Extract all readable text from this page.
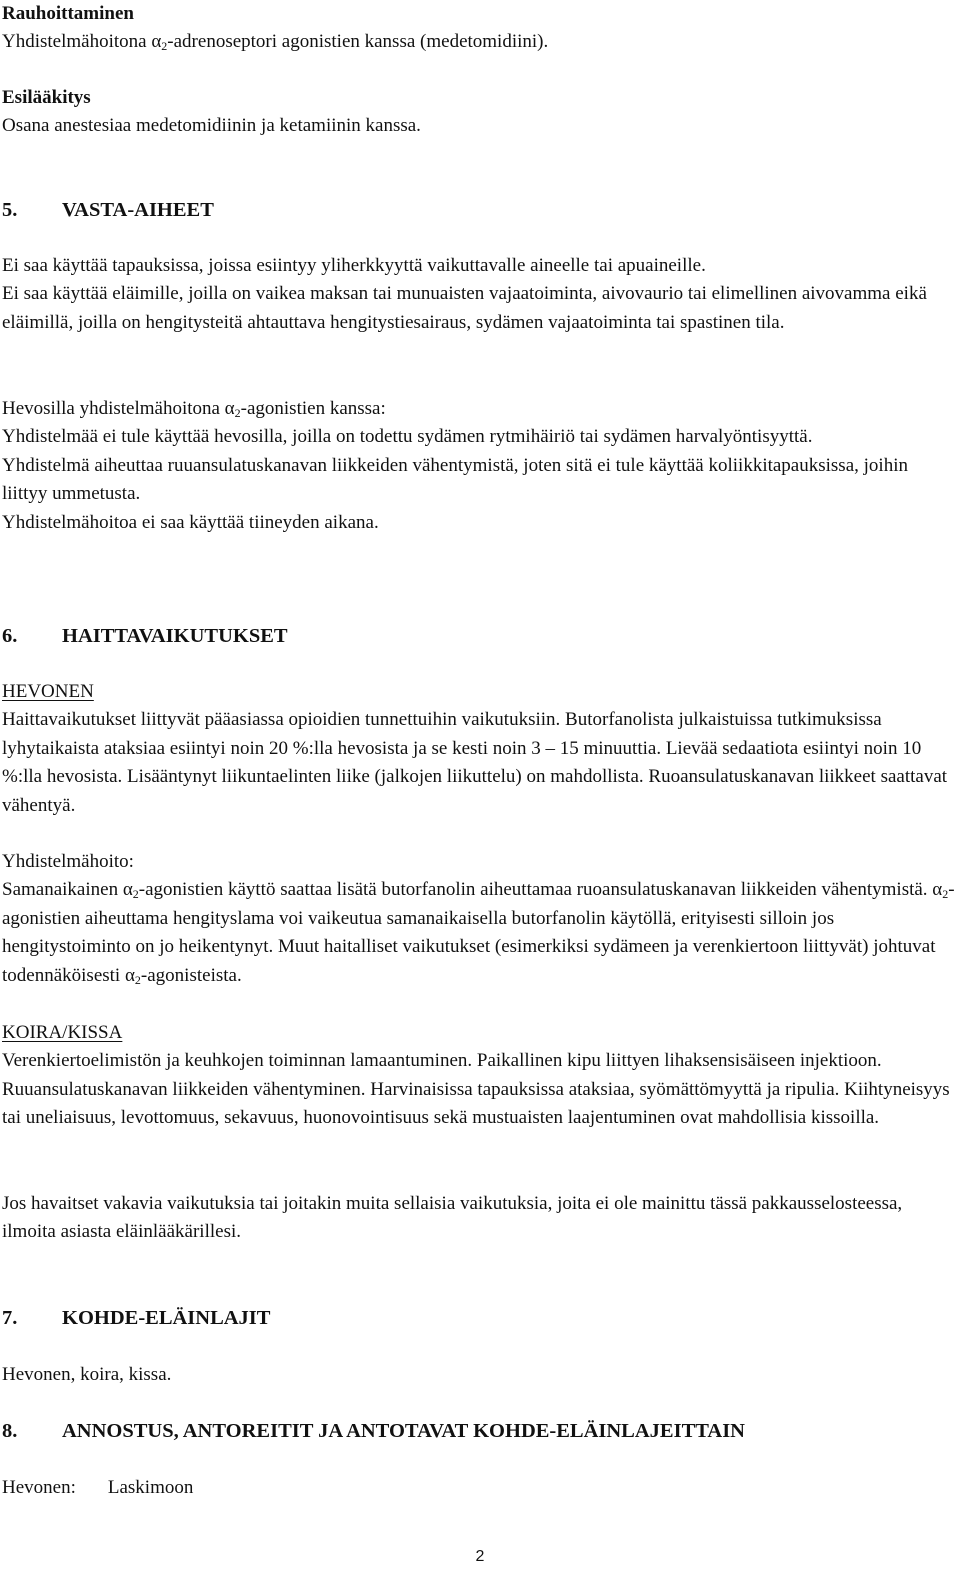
Rauhoittaminen
Yhdistelmähoitona $\alpha_2$-adrenoseptori agonistien kanssa (medetomidiini).
Esilääkitys
Osana anestesiaa medetomidiinin ja ketamiinin kanssa.
5. VASTA-AIHEET
Ei saa käyttää tapauksissa, joissa esiintyy yliherkkyyttä vaikuttavalle aineelle tai apuaineille.
Ei saa käyttää eläimille, joilla on vaikea maksan tai munuaisten vajaatoiminta, aivovaurio tai elimellinen aivovamma eikä eläimillä, joilla on hengitysteitä ahtauttava hengitystiesairaus, sydämen vajaatoiminta tai spastinen tila.
Hevosilla yhdistelmähoitona $\alpha_2$-agonistien kanssa:
Yhdistelmää ei tule käyttää hevosilla, joilla on todettu sydämen rytmihäiriö tai sydämen harvalyöntisyyttä.
Yhdistelmä aiheuttaa ruuansulatuskanavan liikkeiden vähentymistä, joten sitä ei tule käyttää koliikkitapauksissa, joihin liittyy ummetusta.
Yhdistelmähoitoa ei saa käyttää tiineyden aikana.
6. HAITTAVAIKUTUKSET
HEVONEN
Haittavaikutukset liittyvät pääasiassa opioidien tunnettuihin vaikutuksiin. Butorfanolista julkaistuissa tutkimuksissa lyhytaikaista ataksiaa esiintyi noin 20 %:lla hevosista ja se kesti noin 3 – 15 minuuttia. Lievää sedaatiota esiintyi noin 10 %:lla hevosista. Lisääntynyt liikuntaelinten liike (jalkojen liikuttelu) on mahdollista. Ruoansulatuskanavan liikkeet saattavat vähentyä.
Yhdistelmähoito:
Samanaikainen $\alpha_2$-agonistien käyttö saattaa lisätä butorfanolin aiheuttamaa ruoansulatuskanavan liikkeiden vähentymistä. $\alpha_2$-agonistien aiheuttama hengityslama voi vaikeutua samanaikaisella butorfanolin käytöllä, erityisesti silloin jos hengitystoiminto on jo heikentynyt. Muut haitalliset vaikutukset (esimerkiksi sydämeen ja verenkiertoon liittyvät) johtuvat todennäköisesti $\alpha_2$-agonisteista.
KOIRA/KISSA
Verenkiertoelimistön ja keuhkojen toiminnan lamaantuminen. Paikallinen kipu liittyen lihaksensisäiseen injektioon. Ruuansulatuskanavan liikkeiden vähentyminen. Harvinaisissa tapauksissa ataksiaa, syömättömyyttä ja ripulia. Kiihtyneisyys tai uneliaisuus, levottomuus, sekavuus, huonovointisuus sekä mustuaisten laajentuminen ovat mahdollisia kissoilla.
Jos havaitset vakavia vaikutuksia tai joitakin muita sellaisia vaikutuksia, joita ei ole mainittu tässä pakkausselosteessa, ilmoita asiasta eläinlääkärillesi.
7. KOHDE-ELÄINLAJIT
Hevonen, koira, kissa.
8. ANNOSTUS, ANTOREITIT JA ANTOTAVAT KOHDE-ELÄINLAJEITTAIN
Hevonen: Laskimoon
2
